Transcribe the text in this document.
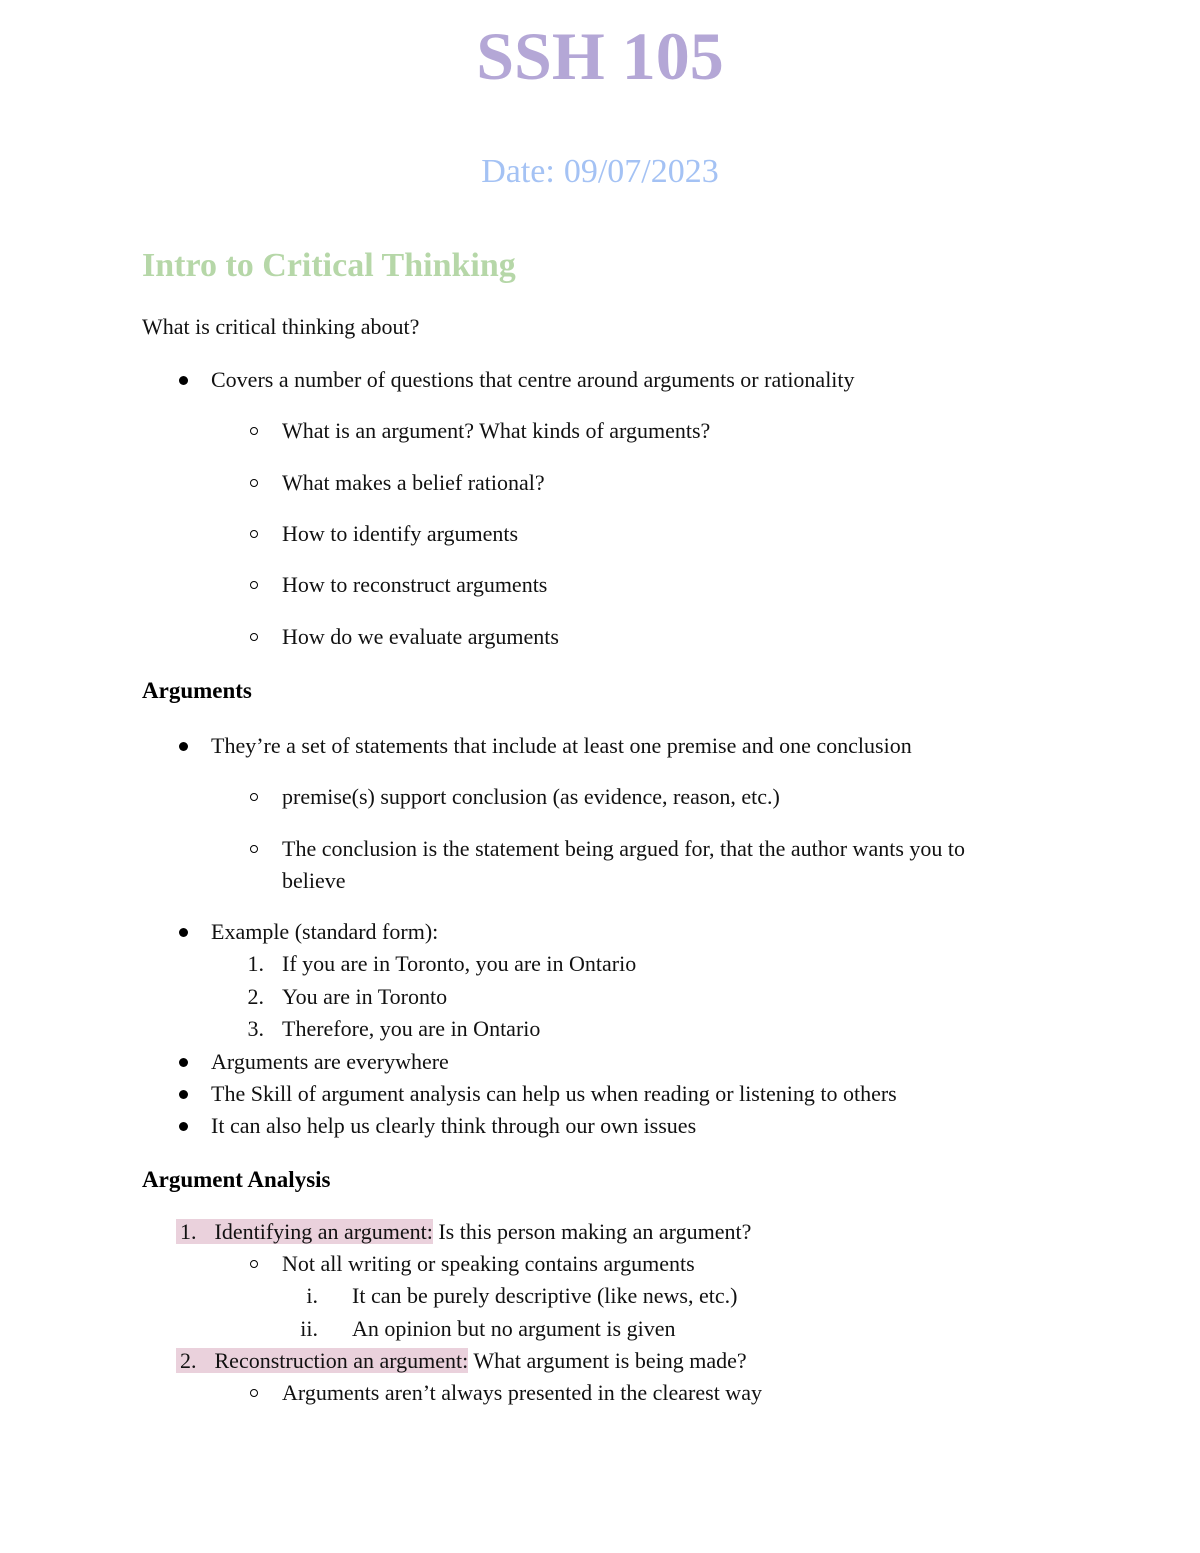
SSH 105
Date: 09/07/2023
Intro to Critical Thinking
What is critical thinking about?
Covers a number of questions that centre around arguments or rationality
What is an argument? What kinds of arguments?
What makes a belief rational?
How to identify arguments
How to reconstruct arguments
How do we evaluate arguments
Arguments
They’re a set of statements that include at least one premise and one conclusion
premise(s) support conclusion (as evidence, reason, etc.)
The conclusion is the statement being argued for, that the author wants you to
believe
Example (standard form):
1. If you are in Toronto, you are in Ontario
2. You are in Toronto
3. Therefore, you are in Ontario
Arguments are everywhere
The Skill of argument analysis can help us when reading or listening to others
It can also help us clearly think through our own issues
Argument Analysis
1. Identifying an argument: Is this person making an argument?
Not all writing or speaking contains arguments
i. It can be purely descriptive (like news, etc.)
ii. An opinion but no argument is given
2. Reconstruction an argument: What argument is being made?
Arguments aren’t always presented in the clearest way
